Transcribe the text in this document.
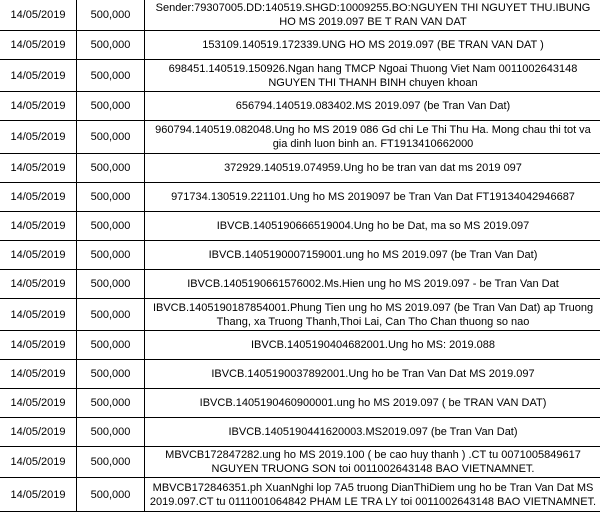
14/05/2019	500,000	Sender:79307005.DD:140519.SHGD:10009255.BO:NGUYEN THI NGUYET THU.IBUNG HO MS 2019.097 BE T RAN VAN DAT
14/05/2019	500,000	153109.140519.172339.UNG HO MS 2019.097 (BE TRAN VAN DAT )
14/05/2019	500,000	698451.140519.150926.Ngan hang TMCP Ngoai Thuong Viet Nam 0011002643148 NGUYEN THI THANH BINH chuyen khoan
14/05/2019	500,000	656794.140519.083402.MS 2019.097 (be Tran Van Dat)
14/05/2019	500,000	960794.140519.082048.Ung ho MS 2019 086 Gd chi Le Thi Thu Ha. Mong chau thi tot va gia dinh luon binh an. FT1913410662000
14/05/2019	500,000	372929.140519.074959.Ung ho be tran van dat ms 2019 097
14/05/2019	500,000	971734.130519.221101.Ung ho MS 2019097 be Tran Van Dat FT19134042946687
14/05/2019	500,000	IBVCB.1405190666519004.Ung ho be Dat, ma so MS 2019.097
14/05/2019	500,000	IBVCB.1405190007159001.ung ho MS 2019.097 (be Tran Van Dat)
14/05/2019	500,000	IBVCB.1405190661576002.Ms.Hien ung ho MS 2019.097 - be Tran Van Dat
14/05/2019	500,000	IBVCB.1405190187854001.Phung Tien ung ho MS 2019.097 (be Tran Van Dat) ap Truong Thang, xa Truong Thanh,Thoi Lai, Can Tho Chan thuong so nao
14/05/2019	500,000	IBVCB.1405190404682001.Ung ho MS: 2019.088
14/05/2019	500,000	IBVCB.1405190037892001.Ung ho be Tran Van Dat MS 2019.097
14/05/2019	500,000	IBVCB.1405190460900001.ung ho MS 2019.097 ( be TRAN VAN DAT)
14/05/2019	500,000	IBVCB.1405190441620003.MS2019.097 (be Tran Van Dat)
14/05/2019	500,000	MBVCB172847282.ung ho MS 2019.100 ( be cao huy thanh ) .CT tu 0071005849617 NGUYEN TRUONG SON toi 0011002643148 BAO VIETNAMNET.
14/05/2019	500,000	MBVCB172846351.ph XuanNghi lop 7A5 truong DianThiDiem ung ho be Tran Van Dat MS 2019.097.CT tu 0111001064842 PHAM LE TRA LY toi 0011002643148 BAO VIETNAMNET.
